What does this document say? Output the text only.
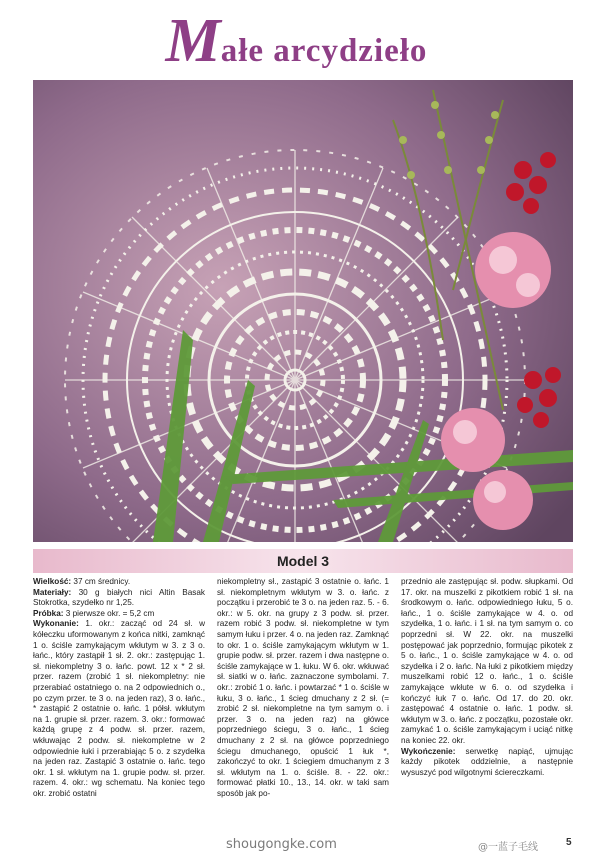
Małe arcydzieło
Model 3

Wielkość: 37 cm średnicy.

Materiały: 30 g białych nici Altin Basak Stokrotka, szydełko nr 1,25.

Próbka: 3 pierwsze okr. = 5,2 cm

Wykonanie: 1. okr.: zacząć od 24 sł. w kółeczku uformowanym z końca nitki, zamknąć 1 o. ściśle zamykającym wkłutym w 3. z 3 o. łańc., który zastąpił 1 sł. 2. okr.: zastępując 1. sł. niekompletny 3 o. łańc. powt. 12 x * 2 sł. przer. razem (zrobić 1 sł. niekompletny: nie przerabiać ostatniego o. na 2 odpowiednich o., po czym przer. te 3 o. na jeden raz), 3 o. łańc., * zastąpić 2 ostatnie o. łańc. 1 półsł. wkłutym na 1. grupie sł. przer. razem. 3. okr.: formować każdą grupę z 4 podw. sł. przer. razem, wkłuwając 2 podw. sł. niekompletne w 2 odpowiednie łuki i przerabiając 5 o. z szydełka na jeden raz. Zastąpić 3 ostatnie o. łańc. tego okr. 1 sł. wkłutym na 1. grupie podw. sł. przer. razem. 4. okr.: wg schematu. Na koniec tego okr. zrobić ostatni

niekompletny sł., zastąpić 3 ostatnie o. łańc. 1 sł. niekompletnym wkłutym w 3. o. łańc. z początku i przerobić te 3 o. na jeden raz. 5. - 6. okr.: w 5. okr. na grupy z 3 podw. sł. przer. razem robić 3 podw. sł. niekompletne w tym samym łuku i przer. 4 o. na jeden raz. Zamknąć to okr. 1 o. ściśle zamykającym wkłutym w 1. grupie podw. sł. przer. razem i dwa następne o. ściśle zamykające w 1. łuku. W 6. okr. wkłuwać sł. siatki w o. łańc. zaznaczone symbolami. 7. okr.: zrobić 1 o. łańc. i powtarzać * 1 o. ściśle w łuku, 3 o. łańc., 1 ścieg dmuchany z 2 sł. (= zrobić 2 sł. niekompletne na tym samym o. i przer. 3 o. na jeden raz) na główce poprzedniego ściegu, 3 o. łańc., 1 ścieg dmuchany z 2 sł. na główce poprzedniego ściegu dmuchanego, opuścić 1 łuk *, zakończyć to okr. 1 ściegiem dmuchanym z 3 sł. wkłutym na 1. o. ściśle. 8. - 22. okr.: formować płatki 10., 13., 14. okr. w taki sam sposób jak po-

przednio ale zastępując sł. podw. słupkami. Od 17. okr. na muszelki z pikotkiem robić 1 sł. na środkowym o. łańc. odpowiedniego łuku, 5 o. łańc., 1 o. ściśle zamykające w 4. o. od szydełka, 1 o. łańc. i 1 sł. na tym samym o. co poprzedni sł. W 22. okr. na muszelki postępować jak poprzednio, formując pikotek z 5 o. łańc., 1 o. ściśle zamykające w 4. o. od szydełka i 2 o. łańc. Na łuki z pikotkiem między muszelkami robić 12 o. łańc., 1 o. ściśle zamykające wkłute w 6. o. od szydełka i kończyć łuk 7 o. łańc. Od 17. do 20. okr. zastępować 4 ostatnie o. łańc. 1 podw. sł. wkłutym w 3. o. łańc. z początku, pozostałe okr. zamykać 1 o. ściśle zamykającym i uciąć nitkę na koniec 22. okr.

Wykończenie: serwetkę napiąć, ujmując każdy pikotek oddzielnie, a następnie wysuszyć pod wilgotnymi ściereczkami.

shougongke.com	@一蓝子毛线	5
